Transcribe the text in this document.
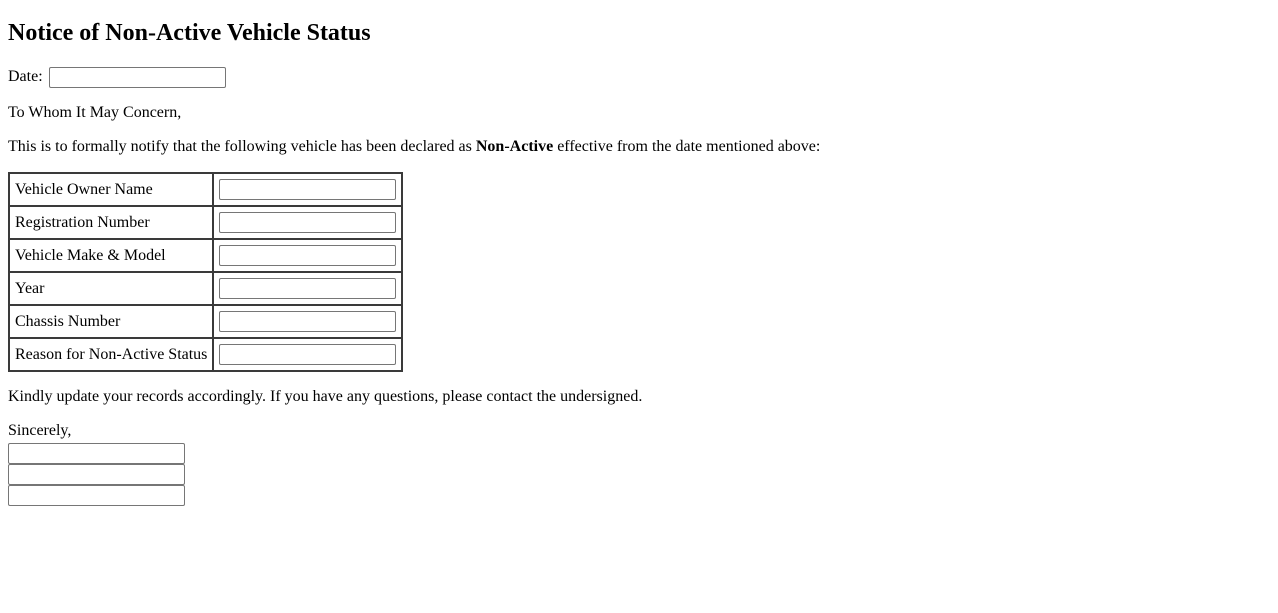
Notice of Non-Active Vehicle Status

Date:

To Whom It May Concern,

This is to formally notify that the following vehicle has been declared as Non-Active effective from the date mentioned above:

Vehicle Owner Name	
Registration Number	
Vehicle Make & Model	
Year	
Chassis Number	
Reason for Non-Active Status	

Kindly update your records accordingly. If you have any questions, please contact the undersigned.

Sincerely,
